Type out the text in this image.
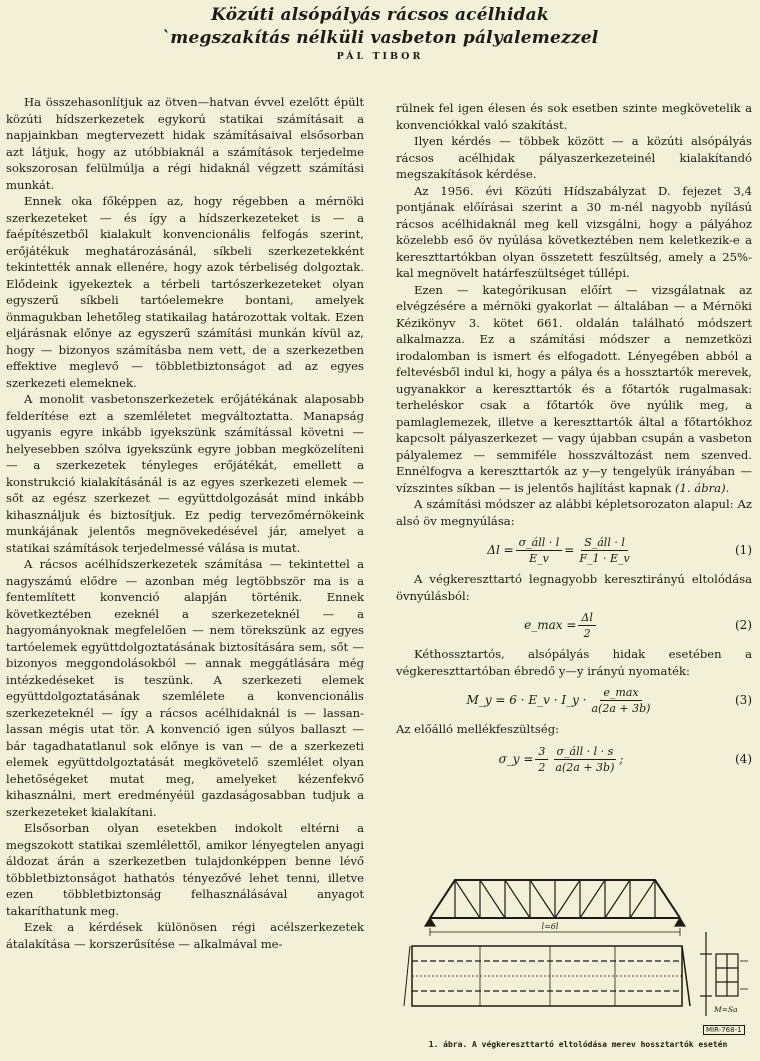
Közúti alsópályás rácsos acélhidak
`megszakítás nélküli vasbeton pályalemezzel
PÁL TIBOR

Ha összehasonlítjuk az ötven—hatvan évvel ezelőtt épült közúti hídszerkezetek egykorú statikai számításait a napjainkban megtervezett hidak számításaival elsősorban azt látjuk, hogy az utóbbiaknál a számítások terjedelme sokszorosan felülmúlja a régi hidaknál végzett számítási munkát.

Ennek oka főképpen az, hogy régebben a mérnöki szerkezeteket — és így a hídszerkezeteket is — a faépítészetből kialakult konvencionális felfogás szerint, erőjátékuk meghatározásánál, síkbeli szerkezetekként tekintették annak ellenére, hogy azok térbeliség dolgoztak. Elődeink igyekeztek a térbeli tartószerkezeteket olyan egyszerű síkbeli tartóelemekre bontani, amelyek önmagukban lehetőleg statikailag határozottak voltak. Ezen eljárásnak előnye az egyszerű számítási munkán kívül az, hogy — bizonyos számításba nem vett, de a szerkezetben effektive meglevő — többletbiztonságot ad az egyes szerkezeti elemeknek.

A monolit vasbetonszerkezetek erőjátékának alaposabb felderítése ezt a szemléletet megváltoztatta. Manapság ugyanis egyre inkább igyekszünk számítással követni — helyesebben szólva igyekszünk egyre jobban megközelíteni — a szerkezetek tényleges erőjátékát, emellett a konstrukció kialakításánál is az egyes szerkezeti elemek — sőt az egész szerkezet — együttdolgozását mind inkább kihasználjuk és biztosítjuk. Ez pedig tervezőmérnökeink munkájának jelentős megnövekedésével jár, amelyet a statikai számítások terjedelmessé válása is mutat.

A rácsos acélhídszerkezetek számítása — tekintettel a nagyszámú elődre — azonban még legtöbbször ma is a fentemlített konvenció alapján történik. Ennek következtében ezeknél a szerkezeteknél — a hagyományoknak megfelelően — nem törekszünk az egyes tartóelemek együttdolgoztatásának biztosítására sem, sőt — bizonyos meggondolásokból — annak meggátlására még intézkedéseket is teszünk. A szerkezeti elemek együttdolgoztatásának szemlélete a konvencionális szerkezeteknél — így a rácsos acélhidaknál is — lassan-lassan mégis utat tör. A konvenció igen súlyos ballaszt — bár tagadhatatlanul sok előnye is van — de a szerkezeti elemek együttdolgoztatását megkövetelő szemlélet olyan lehetőségeket mutat meg, amelyeket kézenfekvő kihasználni, mert eredményéül gazdaságosabban tudjuk a szerkezeteket kialakítani.

Elsősorban olyan esetekben indokolt eltérni a megszokott statikai szemlélettől, amikor lényegtelen anyagi áldozat árán a szerkezetben tulajdonképpen benne lévő többletbiztonságot hathatós tényezővé lehet tenni, illetve ezen többletbiztonság felhasználásával anyagot takaríthatunk meg.

Ezek a kérdések különösen régi acélszerkezetek átalakítása — korszerűsítése — alkalmával me-

rülnek fel igen élesen és sok esetben szinte megkövetelik a konvenciókkal való szakítást.

Ilyen kérdés — többek között — a közúti alsópályás rácsos acélhidak pályaszerkezeteinél kialakítandó megszakítások kérdése.

Az 1956. évi Közúti Hídszabályzat D. fejezet 3,4 pontjának előírásai szerint a 30 m-nél nagyobb nyílású rácsos acélhidaknál meg kell vizsgálni, hogy a pályához közelebb eső öv nyúlása következtében nem keletkezik-e a kereszttartókban olyan összetett feszültség, amely a 25%-kal megnövelt határfeszültséget túllépi.

Ezen — kategórikusan előírt — vizsgálatnak az elvégzésére a mérnöki gyakorlat — általában — a Mérnöki Kézikönyv 3. kötet 661. oldalán található módszert alkalmazza. Ez a számítási módszer a nemzetközi irodalomban is ismert és elfogadott. Lényegében abból a feltevésből indul ki, hogy a pálya és a hossztartók merevek, ugyanakkor a kereszttartók és a főtartók rugalmasak: terheléskor csak a főtartók öve nyúlik meg, a pamlaglemezek, illetve a kereszttartók által a főtartókhoz kapcsolt pályaszerkezet — vagy újabban csupán a vasbeton pályalemez — semmiféle hosszváltozást nem szenved. Ennélfogva a kereszttartók az y—y tengelyük irányában — vízszintes síkban — is jelentős hajlítást kapnak (1. ábra).

A számítási módszer az alábbi képletsorozaton alapul: Az alsó öv megnyúlása:

$\Delta l = \frac{\text{σ\_áll · l}}{E\_v} = \frac{\text{S\_áll · l}}{F\_1 \cdot E\_v}$	(1)

A végkereszttartó legnagyobb keresztirányú eltolódása övnyúlásból:

e_max = $\frac{\Delta l}{2}$	(2)

Kéthossztartós, alsópályás hidak esetében a végkereszttartóban ébredő y—y irányú nyomaték:

M_y = 6 · E_v · I_y · $\frac{e\_\max}{a(2a + 3b)}$	(3)

Az előálló mellékfeszültség:

σ_y = $\frac{3}{2} \frac{\text{σ\_áll · l · s}}{a(2a + 3b)}$ ;	(4)
l=6l
M=Sa
MIR-768-1
1. ábra. A végkereszttartó eltolódása merev hossztartók esetén
